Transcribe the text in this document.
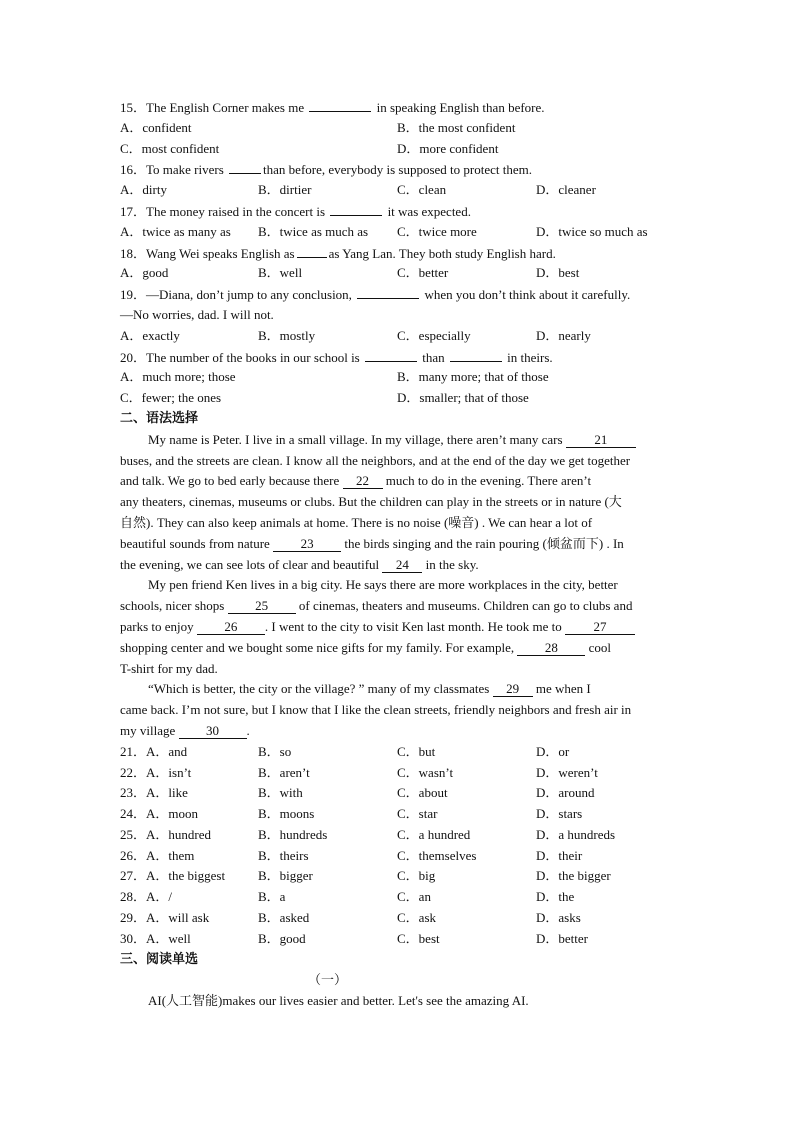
15．The English Corner makes me	in speaking English than before.
A．confident	B．the most confident
C．most confident	D．more confident
16．To make rivers	than before, everybody is supposed to protect them.
A．dirty	B．dirtier	C．clean	D．cleaner
17．The money raised in the concert is	it was expected.
A．twice as many as B．twice as much as C．twice more	D．twice so much as
18．Wang Wei speaks English as	as Yang Lan. They both study English hard.
A．good	B．well	C．better	D．best
19．—Diana, don’t jump to any conclusion,	when you don’t think about it carefully.
—No worries, dad. I will not.
A．exactly	B．mostly	C．especially	D．nearly
20．The number of the books in our school is	than	in theirs.
A．much more; those	B．many more; that of those
C．fewer; the ones	D．smaller; that of those
二、语法选择
My name is Peter. I live in a small village. In my village, there aren’t many cars 21
buses, and the streets are clean. I know all the neighbors, and at the end of the day we get together
and talk. We go to bed early because there 22 much to do in the evening. There aren’t
any theaters, cinemas, museums or clubs. But the children can play in the streets or in nature (大
自然). They can also keep animals at home. There is no noise (噪音) . We can hear a lot of
beautiful sounds from nature 23 the birds singing and the rain pouring (倾盆而下) . In
the evening, we can see lots of clear and beautiful 24 in the sky.
My pen friend Ken lives in a big city. He says there are more workplaces in the city, better
schools, nicer shops 25 of cinemas, theaters and museums. Children can go to clubs and
parks to enjoy 26 . I went to the city to visit Ken last month. He took me to 27
shopping center and we bought some nice gifts for my family. For example, 28 cool
T-shirt for my dad.
“Which is better, the city or the village? ” many of my classmates 29 me when I
came back. I’m not sure, but I know that I like the clean streets, friendly neighbors and fresh air in
my village 30 .
21．A．and	B．so	C．but	D．or
22．A．isn’t	B．aren’t	C．wasn’t	D．weren’t
23．A．like	B．with	C．about	D．around
24．A．moon	B．moons	C．star	D．stars
25．A．hundred	B．hundreds	C．a hundred	D．a hundreds
26．A．them	B．theirs	C．themselves	D．their
27．A．the biggest	B．bigger	C．big	D．the bigger
28．A．/	B．a	C．an	D．the
29．A．will ask	B．asked	C．ask	D．asks
30．A．well	B．good	C．best	D．better
三、阅读单选
（一）
AI(人工智能)makes our lives easier and better. Let's see the amazing AI.
